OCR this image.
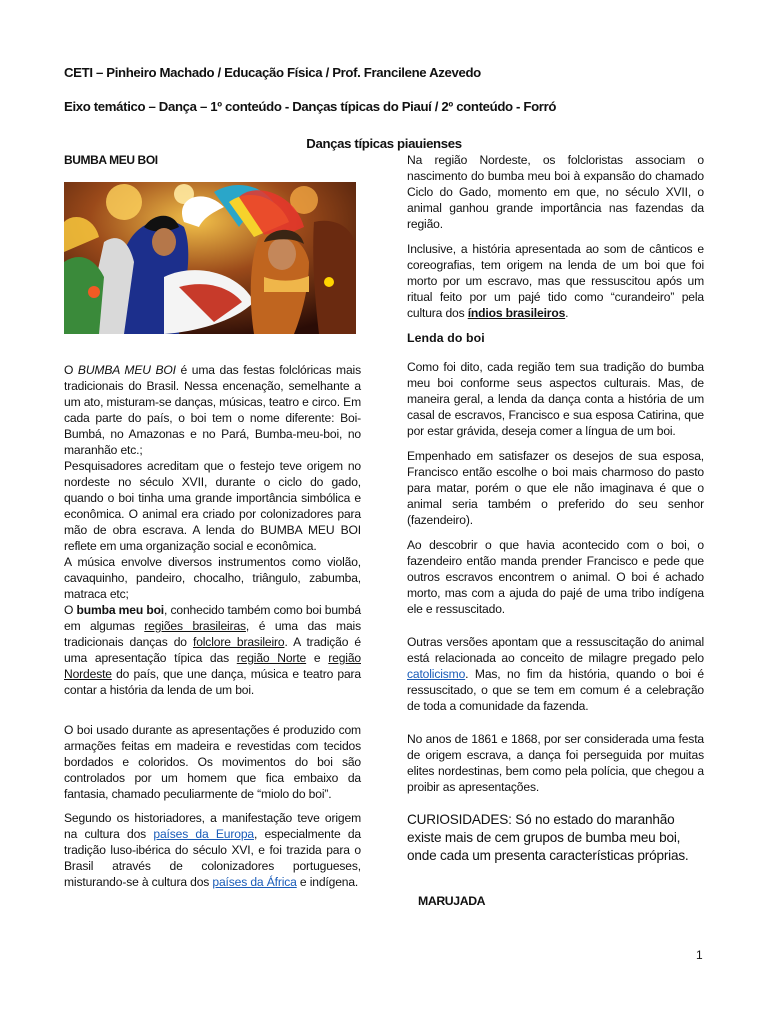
CETI – Pinheiro Machado / Educação Física / Prof. Francilene Azevedo
Eixo temático – Dança – 1º conteúdo - Danças típicas do Piauí / 2º conteúdo - Forró
Danças típicas piauienses
BUMBA MEU BOI

O BUMBA MEU BOI é uma das festas folclóricas mais tradicionais do Brasil. Nessa encenação, semelhante a um ato, misturam-se danças, músicas, teatro e circo. Em cada parte do país, o boi tem o nome diferente: Boi-Bumbá, no Amazonas e no Pará, Bumba-meu-boi, no maranhão etc.;

Pesquisadores acreditam que o festejo teve origem no nordeste no século XVII, durante o ciclo do gado, quando o boi tinha uma grande importância simbólica e econômica. O animal era criado por colonizadores para mão de obra escrava. A lenda do BUMBA MEU BOI reflete em uma organização social e econômica.

A música envolve diversos instrumentos como violão, cavaquinho, pandeiro, chocalho, triângulo, zabumba, matraca etc;

O bumba meu boi, conhecido também como boi bumbá em algumas regiões brasileiras, é uma das mais tradicionais danças do folclore brasileiro. A tradição é uma apresentação típica das região Norte e região Nordeste do país, que une dança, música e teatro para contar a história da lenda de um boi.

O boi usado durante as apresentações é produzido com armações feitas em madeira e revestidas com tecidos bordados e coloridos. Os movimentos do boi são controlados por um homem que fica embaixo da fantasia, chamado peculiarmente de “miolo do boi”.

Segundo os historiadores, a manifestação teve origem na cultura dos países da Europa, especialmente da tradição luso-ibérica do século XVI, e foi trazida para o Brasil através de colonizadores portugueses, misturando-se à cultura dos países da África e indígena.

Na região Nordeste, os folcloristas associam o nascimento do bumba meu boi à expansão do chamado Ciclo do Gado, momento em que, no século XVII, o animal ganhou grande importância nas fazendas da região.

Inclusive, a história apresentada ao som de cânticos e coreografias, tem origem na lenda de um boi que foi morto por um escravo, mas que ressuscitou após um ritual feito por um pajé tido como “curandeiro” pela cultura dos índios brasileiros.

Lenda do boi

Como foi dito, cada região tem sua tradição do bumba meu boi conforme seus aspectos culturais. Mas, de maneira geral, a lenda da dança conta a história de um casal de escravos, Francisco e sua esposa Catirina, que por estar grávida, deseja comer a língua de um boi.

Empenhado em satisfazer os desejos de sua esposa, Francisco então escolhe o boi mais charmoso do pasto para matar, porém o que ele não imaginava é que o animal seria também o preferido do seu senhor (fazendeiro).

Ao descobrir o que havia acontecido com o boi, o fazendeiro então manda prender Francisco e pede que outros escravos encontrem o animal. O boi é achado morto, mas com a ajuda do pajé de uma tribo indígena ele e ressuscitado.

Outras versões apontam que a ressuscitação do animal está relacionada ao conceito de milagre pregado pelo catolicismo. Mas, no fim da história, quando o boi é ressuscitado, o que se tem em comum é a celebração de toda a comunidade da fazenda.

No anos de 1861 e 1868, por ser considerada uma festa de origem escrava, a dança foi perseguida por muitas elites nordestinas, bem como pela polícia, que chegou a proibir as apresentações.

CURIOSIDADES: Só no estado do maranhão existe mais de cem grupos de bumba meu boi, onde cada um presenta características próprias.

MARUJADA
1
